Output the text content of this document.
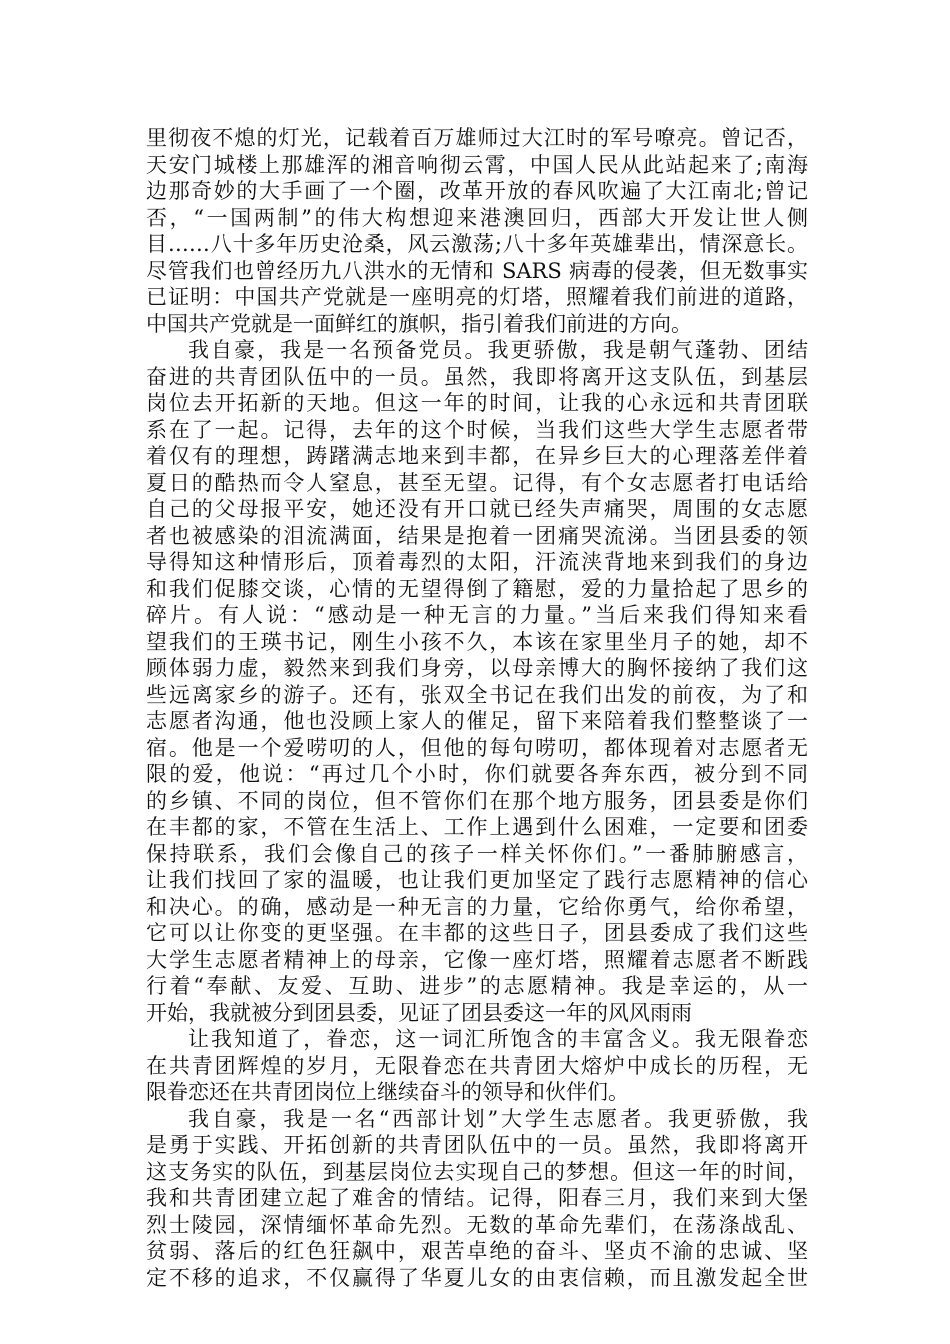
里彻夜不熄的灯光，记载着百万雄师过大江时的军号嘹亮。曾记否，
天安门城楼上那雄浑的湘音响彻云霄，中国人民从此站起来了;南海
边那奇妙的大手画了一个圈，改革开放的春风吹遍了大江南北;曾记
否，“一国两制”的伟大构想迎来港澳回归，西部大开发让世人侧
目……八十多年历史沧桑，风云激荡;八十多年英雄辈出，情深意长。
尽管我们也曾经历九八洪水的无情和 SARS 病毒的侵袭，但无数事实
已证明：中国共产党就是一座明亮的灯塔，照耀着我们前进的道路，
中国共产党就是一面鲜红的旗帜，指引着我们前进的方向。
我自豪，我是一名预备党员。我更骄傲，我是朝气蓬勃、团结
奋进的共青团队伍中的一员。虽然，我即将离开这支队伍，到基层
岗位去开拓新的天地。但这一年的时间，让我的心永远和共青团联
系在了一起。记得，去年的这个时候，当我们这些大学生志愿者带
着仅有的理想，踌躇满志地来到丰都，在异乡巨大的心理落差伴着
夏日的酷热而令人窒息，甚至无望。记得，有个女志愿者打电话给
自己的父母报平安，她还没有开口就已经失声痛哭，周围的女志愿
者也被感染的泪流满面，结果是抱着一团痛哭流涕。当团县委的领
导得知这种情形后，顶着毒烈的太阳，汗流浃背地来到我们的身边
和我们促膝交谈，心情的无望得倒了籍慰，爱的力量拾起了思乡的
碎片。有人说：“感动是一种无言的力量。”当后来我们得知来看
望我们的王瑛书记，刚生小孩不久，本该在家里坐月子的她，却不
顾体弱力虚，毅然来到我们身旁，以母亲博大的胸怀接纳了我们这
些远离家乡的游子。还有，张双全书记在我们出发的前夜，为了和
志愿者沟通，他也没顾上家人的催足，留下来陪着我们整整谈了一
宿。他是一个爱唠叨的人，但他的每句唠叨，都体现着对志愿者无
限的爱，他说：“再过几个小时，你们就要各奔东西，被分到不同
的乡镇、不同的岗位，但不管你们在那个地方服务，团县委是你们
在丰都的家，不管在生活上、工作上遇到什么困难，一定要和团委
保持联系，我们会像自己的孩子一样关怀你们。”一番肺腑感言，
让我们找回了家的温暖，也让我们更加坚定了践行志愿精神的信心
和决心。的确，感动是一种无言的力量，它给你勇气，给你希望，
它可以让你变的更坚强。在丰都的这些日子，团县委成了我们这些
大学生志愿者精神上的母亲，它像一座灯塔，照耀着志愿者不断践
行着“奉献、友爱、互助、进步”的志愿精神。我是幸运的，从一
开始，我就被分到团县委，见证了团县委这一年的风风雨雨
让我知道了，眷恋，这一词汇所饱含的丰富含义。我无限眷恋
在共青团辉煌的岁月，无限眷恋在共青团大熔炉中成长的历程，无
限眷恋还在共青团岗位上继续奋斗的领导和伙伴们。
我自豪，我是一名“西部计划”大学生志愿者。我更骄傲，我
是勇于实践、开拓创新的共青团队伍中的一员。虽然，我即将离开
这支务实的队伍，到基层岗位去实现自己的梦想。但这一年的时间，
我和共青团建立起了难舍的情结。记得，阳春三月，我们来到大堡
烈士陵园，深情缅怀革命先烈。无数的革命先辈们，在荡涤战乱、
贫弱、落后的红色狂飙中，艰苦卓绝的奋斗、坚贞不渝的忠诚、坚
定不移的追求，不仅赢得了华夏儿女的由衷信赖，而且激发起全世
